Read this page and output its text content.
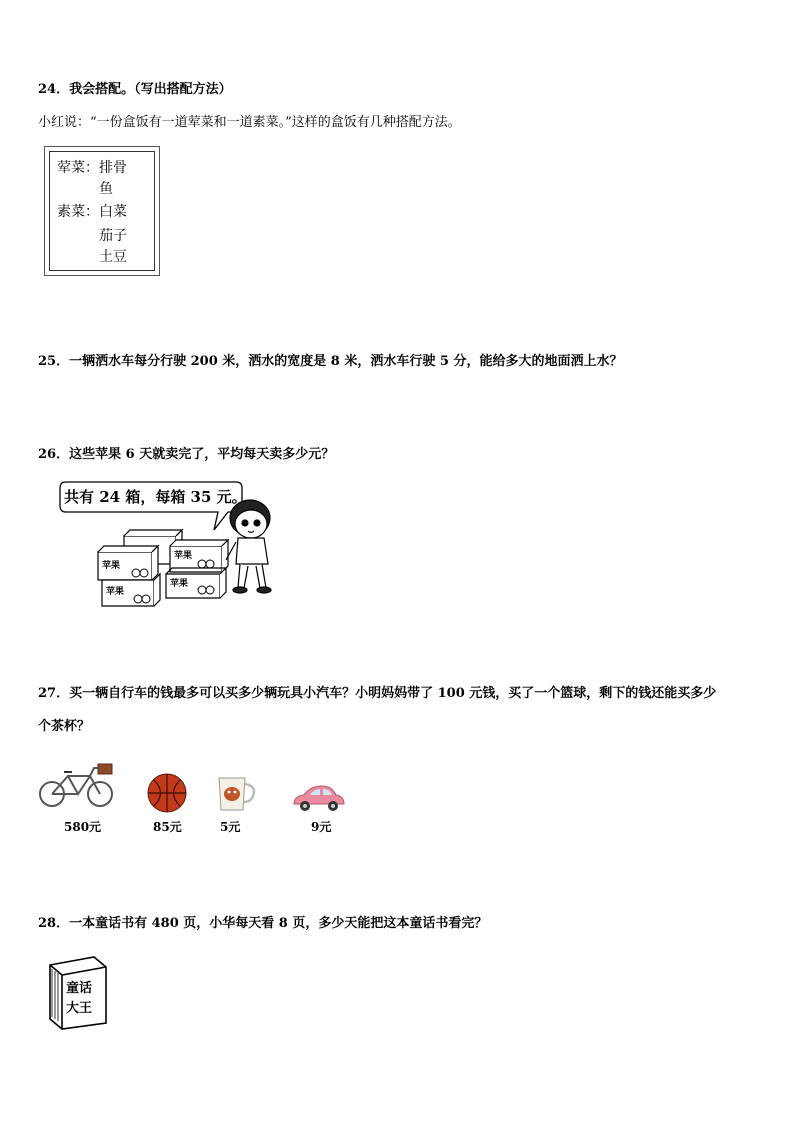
24．我会搭配。（写出搭配方法）
小红说：“一份盒饭有一道荤菜和一道素菜。”这样的盒饭有几种搭配方法。
荤菜： 排骨
鱼
素菜： 白菜
茄子
土豆
25．一辆洒水车每分行驶 200 米，洒水的宽度是 8 米，洒水车行驶 5 分，能给多大的地面洒上水？
26．这些苹果 6 天就卖完了，平均每天卖多少元？
共有 24 箱，每箱 35 元。
苹果
苹果
苹果
苹果
27．买一辆自行车的钱最多可以买多少辆玩具小汽车？小明妈妈带了 100 元钱，买了一个篮球，剩下的钱还能买多少
个茶杯？
580元	85元	5元	9元
28．一本童话书有 480 页，小华每天看 8 页，多少天能把这本童话书看完？
童话
大王
